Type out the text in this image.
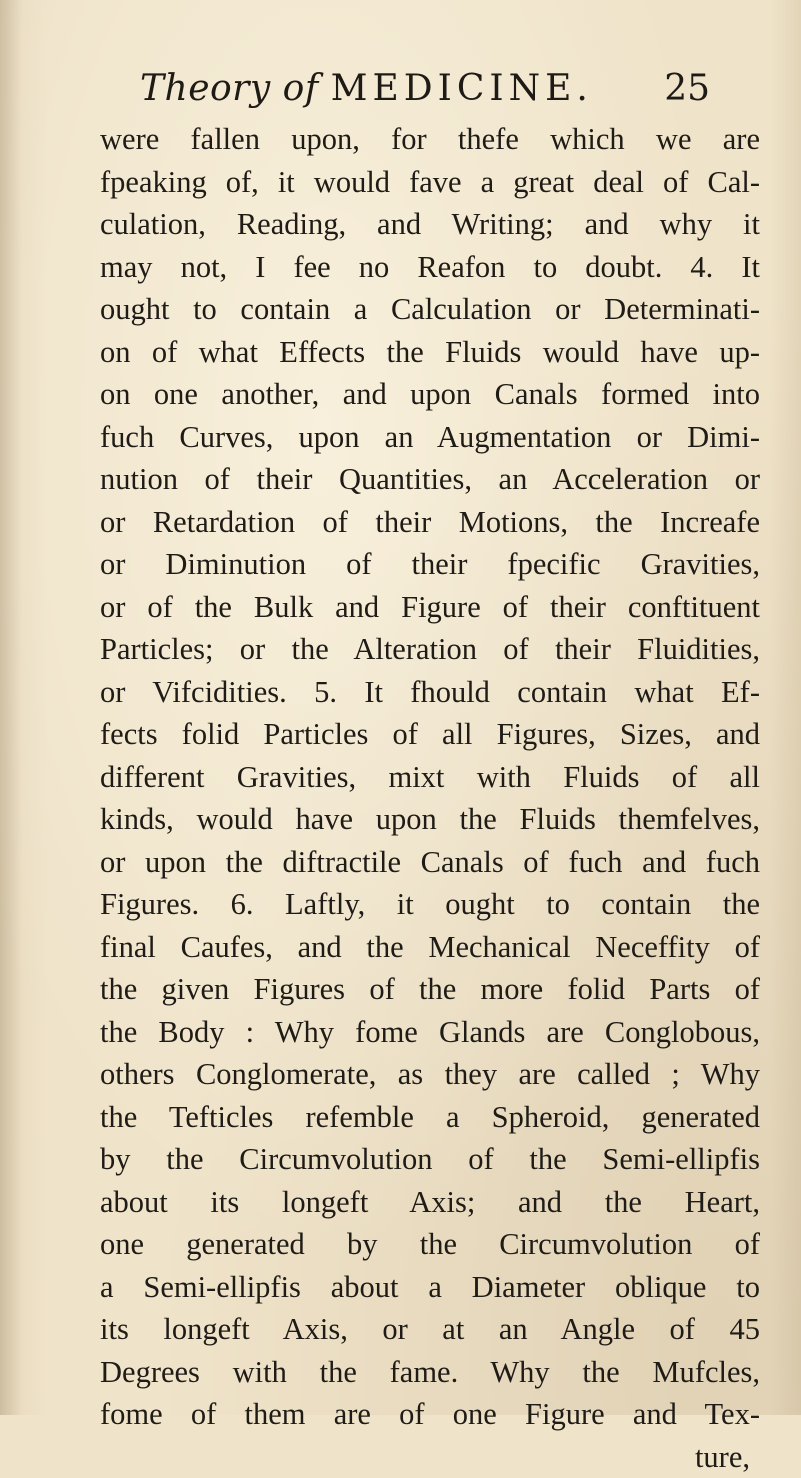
Theory of MEDICINE. 25
were fallen upon, for thefe which we are
fpeaking of, it would fave a great deal of Cal-
culation, Reading, and Writing; and why it
may not, I fee no Reafon to doubt. 4. It
ought to contain a Calculation or Determinati-
on of what Effects the Fluids would have up-
on one another, and upon Canals formed into
fuch Curves, upon an Augmentation or Dimi-
nution of their Quantities, an Acceleration or
or Retardation of their Motions, the Increafe
or Diminution of their fpecific Gravities,
or of the Bulk and Figure of their conftituent
Particles; or the Alteration of their Fluidities,
or Vifcidities. 5. It fhould contain what Ef-
fects folid Particles of all Figures, Sizes, and
different Gravities, mixt with Fluids of all
kinds, would have upon the Fluids themfelves,
or upon the diftractile Canals of fuch and fuch
Figures. 6. Laftly, it ought to contain the
final Caufes, and the Mechanical Neceffity of
the given Figures of the more folid Parts of
the Body : Why fome Glands are Conglobous,
others Conglomerate, as they are called ; Why
the Tefticles refemble a Spheroid, generated
by the Circumvolution of the Semi-ellipfis
about its longeft Axis; and the Heart,
one generated by the Circumvolution of
a Semi-ellipfis about a Diameter oblique to
its longeft Axis, or at an Angle of 45
Degrees with the fame. Why the Mufcles,
fome of them are of one Figure and Tex-
ture,
